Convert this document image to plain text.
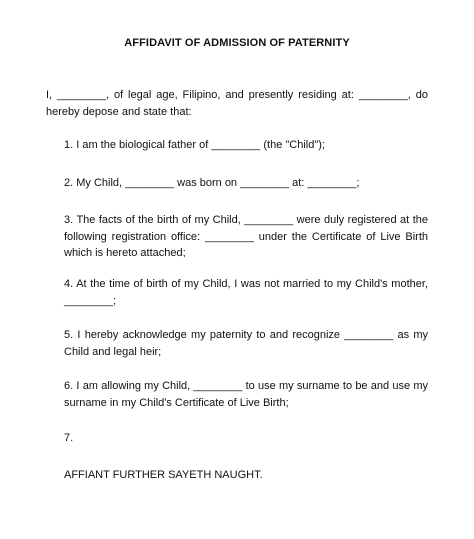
AFFIDAVIT OF ADMISSION OF PATERNITY
I, ________, of legal age, Filipino, and presently residing at: ________, do hereby depose and state that:
1. I am the biological father of ________ (the "Child");
2. My Child, ________ was born on ________ at: ________;
3. The facts of the birth of my Child, ________ were duly registered at the following registration office: ________ under the Certificate of Live Birth which is hereto attached;
4. At the time of birth of my Child, I was not married to my Child's mother, ________;
5. I hereby acknowledge my paternity to and recognize ________ as my Child and legal heir;
6. I am allowing my Child, ________ to use my surname to be and use my surname in my Child's Certificate of Live Birth;
7.
AFFIANT FURTHER SAYETH NAUGHT.
